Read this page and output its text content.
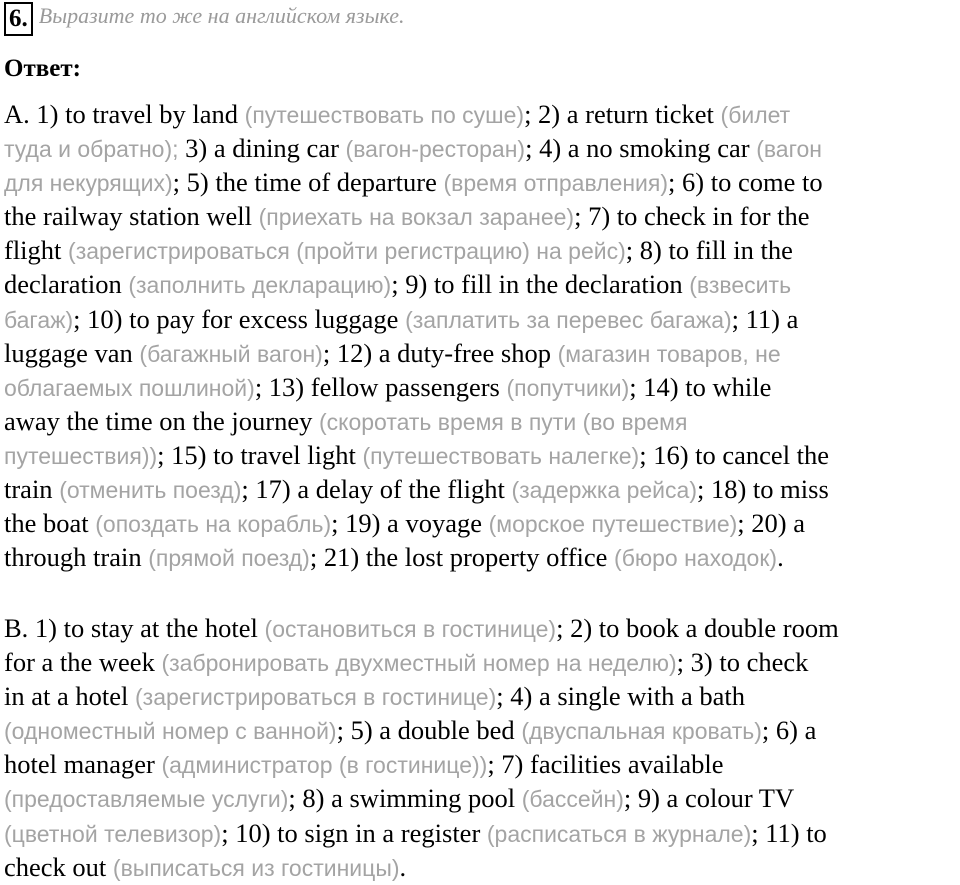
6. Выразите то же на английском языке.
Ответ:
A. 1) to travel by land (путешествовать по суше); 2) a return ticket (билет
туда и обратно); 3) a dining car (вагон-ресторан); 4) a no smoking car (вагон
для некурящих); 5) the time of departure (время отправления); 6) to come to
the railway station well (приехать на вокзал заранее); 7) to check in for the
flight (зарегистрироваться (пройти регистрацию) на рейс); 8) to fill in the
declaration (заполнить декларацию); 9) to fill in the declaration (взвесить
багаж); 10) to pay for excess luggage (заплатить за перевес багажа); 11) a
luggage van (багажный вагон); 12) a duty-free shop (магазин товаров, не
облагаемых пошлиной); 13) fellow passengers (попутчики); 14) to while
away the time on the journey (скоротать время в пути (во время
путешествия)); 15) to travel light (путешествовать налегке); 16) to cancel the
train (отменить поезд); 17) a delay of the flight (задержка рейса); 18) to miss
the boat (опоздать на корабль); 19) a voyage (морское путешествие); 20) a
through train (прямой поезд); 21) the lost property office (бюро находок).
B. 1) to stay at the hotel (остановиться в гостинице); 2) to book a double room
for a the week (забронировать двухместный номер на неделю); 3) to check
in at a hotel (зарегистрироваться в гостинице); 4) a single with a bath
(одноместный номер с ванной); 5) a double bed (двуспальная кровать); 6) a
hotel manager (администратор (в гостинице)); 7) facilities available
(предоставляемые услуги); 8) a swimming pool (бассейн); 9) a colour TV
(цветной телевизор); 10) to sign in a register (расписаться в журнале); 11) to
check out (выписаться из гостиницы).
